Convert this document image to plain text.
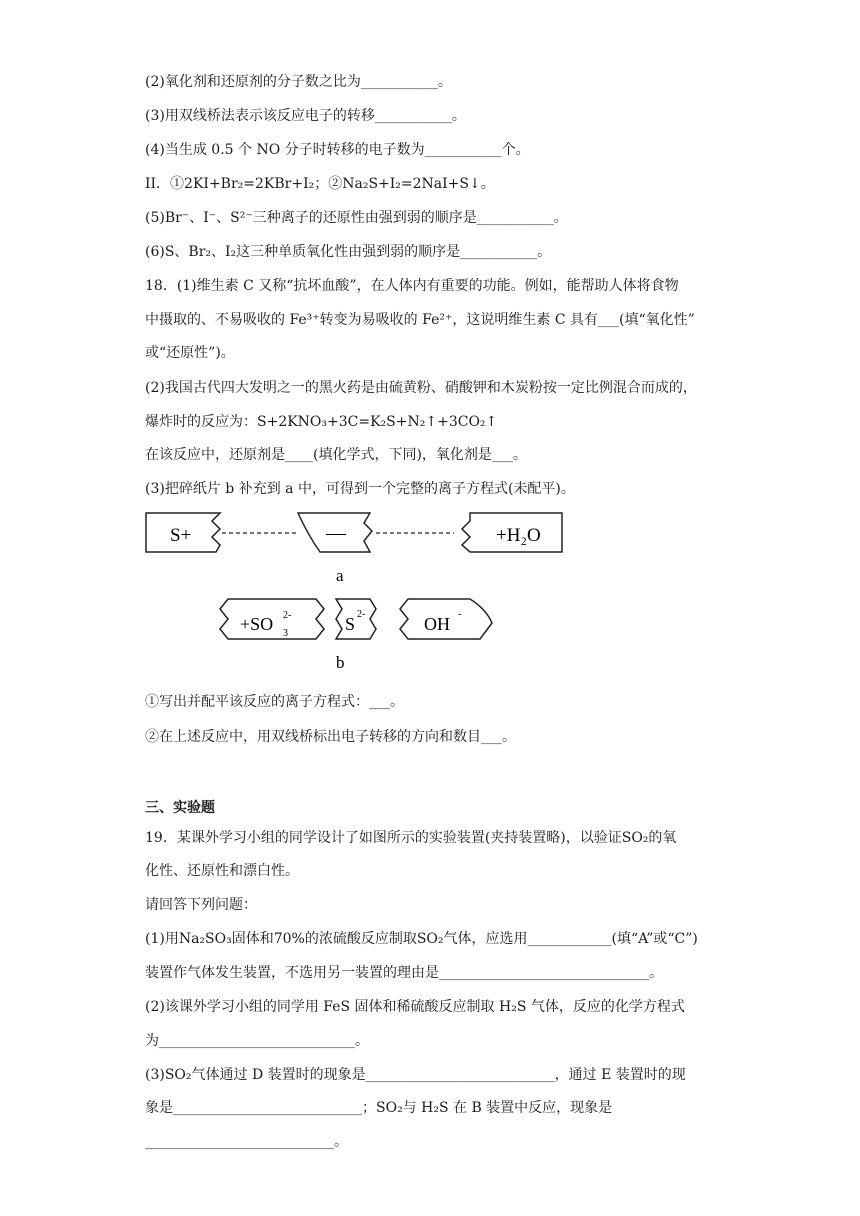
(2)氧化剂和还原剂的分子数之比为___________。
(3)用双线桥法表示该反应电子的转移___________。
(4)当生成 0.5 个 NO 分子时转移的电子数为___________个。
II．①2KI+Br₂=2KBr+I₂；②Na₂S+I₂=2NaI+S↓。
(5)Br⁻、I⁻、S²⁻三种离子的还原性由强到弱的顺序是___________。
(6)S、Br₂、I₂这三种单质氧化性由强到弱的顺序是___________。
18．(1)维生素 C 又称“抗坏血酸”，在人体内有重要的功能。例如，能帮助人体将食物
中摄取的、不易吸收的 Fe³⁺转变为易吸收的 Fe²⁺，这说明维生素 C 具有___(填“氧化性”
或“还原性”)。
(2)我国古代四大发明之一的黑火药是由硫黄粉、硝酸钾和木炭粉按一定比例混合而成的，
爆炸时的反应为：S+2KNO₃+3C=K₂S+N₂↑+3CO₂↑
在该反应中，还原剂是____(填化学式，下同)，氧化剂是___。
(3)把碎纸片 b 补充到 a 中，可得到一个完整的离子方程式(未配平)。
S+	—	+H₂O
a
+SO 3
2-	S 2-	OH -
b
①写出并配平该反应的离子方程式：___。
②在上述反应中，用双线桥标出电子转移的方向和数目___。
三、实验题
19．某课外学习小组的同学设计了如图所示的实验装置(夹持装置略)，以验证SO₂的氧
化性、还原性和漂白性。
请回答下列问题：
(1)用Na₂SO₃固体和70%的浓硫酸反应制取SO₂气体，应选用____________(填“A”或“C”)
装置作气体发生装置，不选用另一装置的理由是______________________________。
(2)该课外学习小组的同学用 FeS 固体和稀硫酸反应制取 H₂S 气体，反应的化学方程式
为____________________________。
(3)SO₂气体通过 D 装置时的现象是___________________________，通过 E 装置时的现
象是___________________________；SO₂与 H₂S 在 B 装置中反应，现象是
___________________________。
